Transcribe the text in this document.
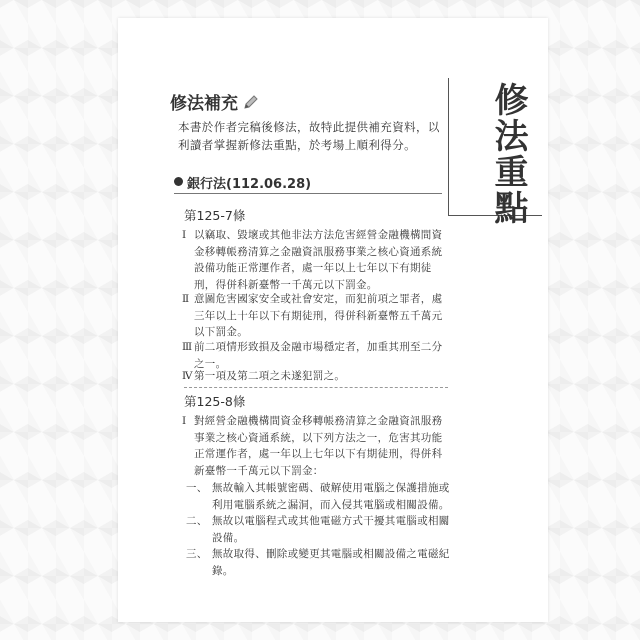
修法重點
修法補充
本書於作者完稿後修法，故特此提供補充資料，以利讀者掌握新修法重點，於考場上順利得分。
銀行法(112.06.28)
第125-7條
Ⅰ 以竊取、毀壞或其他非法方法危害經營金融機構間資金移轉帳務清算之金融資訊服務事業之核心資通系統設備功能正常運作者，處一年以上七年以下有期徒刑，得併科新臺幣一千萬元以下罰金。
Ⅱ 意圖危害國家安全或社會安定，而犯前項之罪者，處三年以上十年以下有期徒刑，得併科新臺幣五千萬元以下罰金。
Ⅲ 前二項情形致損及金融市場穩定者，加重其刑至二分之一。
Ⅳ 第一項及第二項之未遂犯罰之。
第125-8條
Ⅰ 對經營金融機構間資金移轉帳務清算之金融資訊服務事業之核心資通系統，以下列方法之一，危害其功能正常運作者，處一年以上七年以下有期徒刑，得併科新臺幣一千萬元以下罰金：
一、 無故輸入其帳號密碼、破解使用電腦之保護措施或利用電腦系統之漏洞，而入侵其電腦或相關設備。
二、 無故以電腦程式或其他電磁方式干擾其電腦或相關設備。
三、 無故取得、刪除或變更其電腦或相關設備之電磁紀錄。
